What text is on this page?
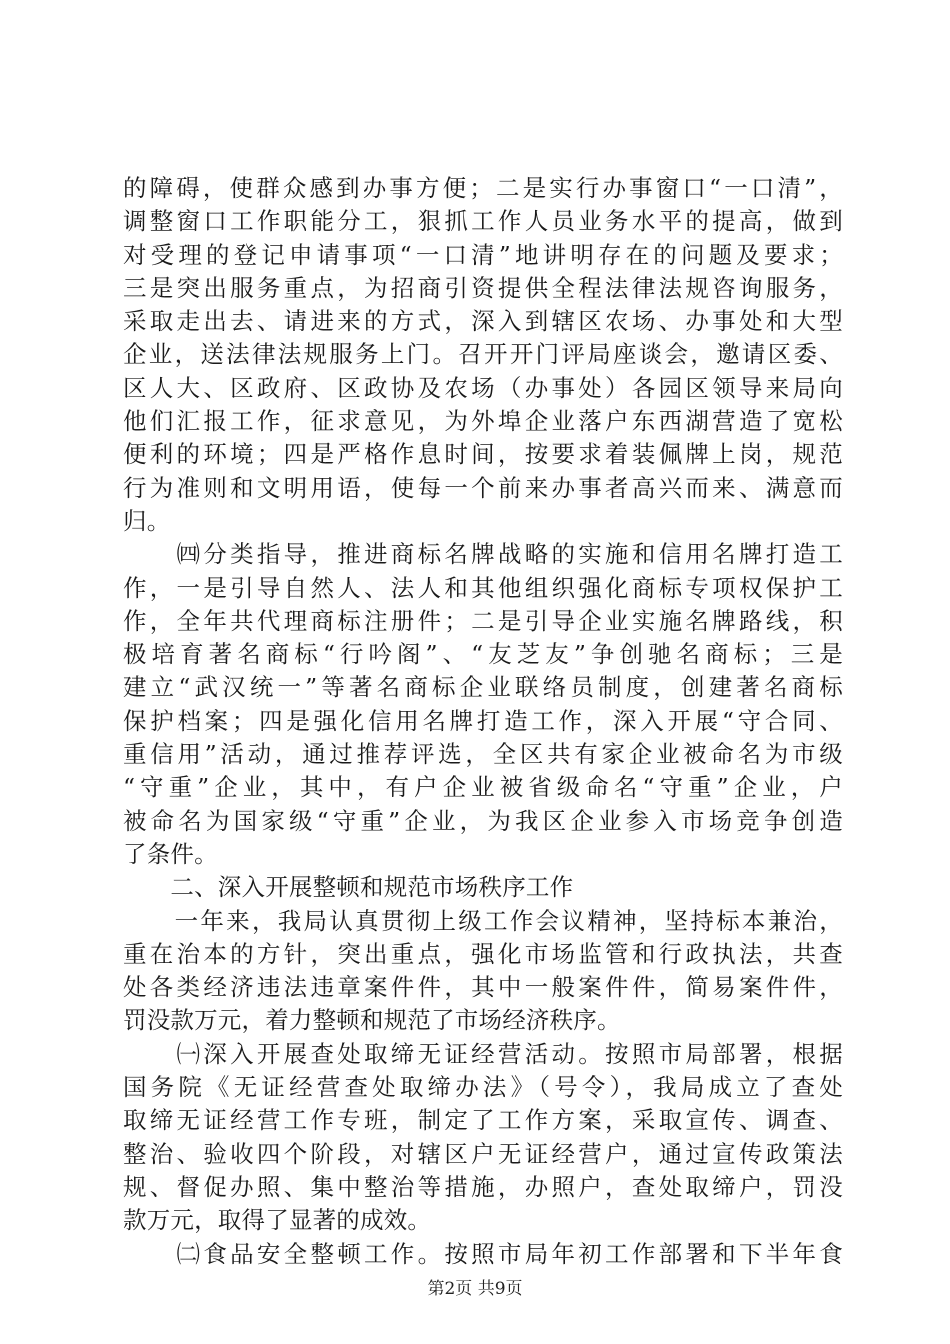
的障碍，使群众感到办事方便；二是实行办事窗口“一口清”，
调整窗口工作职能分工，狠抓工作人员业务水平的提高，做到
对受理的登记申请事项“一口清”地讲明存在的问题及要求；
三是突出服务重点，为招商引资提供全程法律法规咨询服务，
采取走出去、请进来的方式，深入到辖区农场、办事处和大型
企业，送法律法规服务上门。召开开门评局座谈会，邀请区委、
区人大、区政府、区政协及农场（办事处）各园区领导来局向
他们汇报工作，征求意见，为外埠企业落户东西湖营造了宽松
便利的环境；四是严格作息时间，按要求着装佩牌上岗，规范
行为准则和文明用语，使每一个前来办事者高兴而来、满意而
归。
　　㈣分类指导，推进商标名牌战略的实施和信用名牌打造工
作，一是引导自然人、法人和其他组织强化商标专项权保护工
作，全年共代理商标注册件；二是引导企业实施名牌路线，积
极培育著名商标“行吟阁”、“友芝友”争创驰名商标；三是
建立“武汉统一”等著名商标企业联络员制度，创建著名商标
保护档案；四是强化信用名牌打造工作，深入开展“守合同、
重信用”活动，通过推荐评选，全区共有家企业被命名为市级
“守重”企业，其中，有户企业被省级命名“守重”企业，户
被命名为国家级“守重”企业，为我区企业参入市场竞争创造
了条件。
　　二、深入开展整顿和规范市场秩序工作
　　一年来，我局认真贯彻上级工作会议精神，坚持标本兼治，
重在治本的方针，突出重点，强化市场监管和行政执法，共查
处各类经济违法违章案件件，其中一般案件件，简易案件件，
罚没款万元，着力整顿和规范了市场经济秩序。
　　㈠深入开展查处取缔无证经营活动。按照市局部署，根据
国务院《无证经营查处取缔办法》（号令），我局成立了查处
取缔无证经营工作专班，制定了工作方案，采取宣传、调查、
整治、验收四个阶段，对辖区户无证经营户，通过宣传政策法
规、督促办照、集中整治等措施，办照户，查处取缔户，罚没
款万元，取得了显著的成效。
　　㈡食品安全整顿工作。按照市局年初工作部署和下半年食
第2页 共9页
